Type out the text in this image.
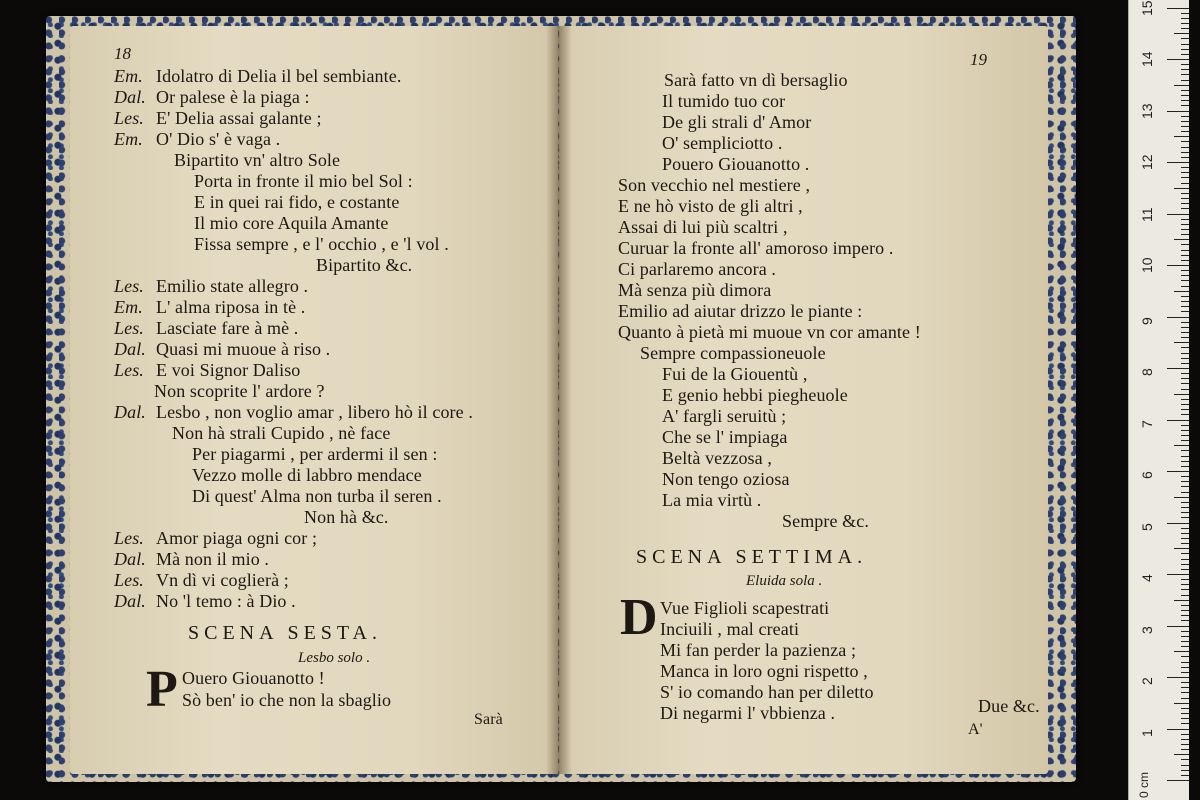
18
Em. Idolatro di Delia il bel sembiante.
Dal. Or palese è la piaga :
Les. E' Delia assai galante ;
Em. O' Dio s' è vaga .
Bipartito vn' altro Sole
Porta in fronte il mio bel Sol :
E in quei rai fido, e costante
Il mio core Aquila Amante
Fissa sempre , e l' occhio , e 'l vol .
Bipartito &c.
Les. Emilio state allegro .
Em. L' alma riposa in tè .
Les. Lasciate fare à mè .
Dal. Quasi mi muoue à riso .
Les. E voi Signor Daliso
Non scoprite l' ardore ?
Dal. Lesbo , non voglio amar , libero hò il core .
Non hà strali Cupido , nè face
Per piagarmi , per ardermi il sen :
Vezzo molle di labbro mendace
Di quest' Alma non turba il seren .
Non hà &c.
Les. Amor piaga ogni cor ;
Dal. Mà non il mio .
Les. Vn dì vi coglierà ;
Dal. No 'l temo : à Dio .
SCENA SESTA.
Lesbo solo .
P Ouero Giouanotto !
Sò ben' io che non la sbaglio
Sarà
19
Sarà fatto vn dì bersaglio
Il tumido tuo cor
De gli strali d' Amor
O' sempliciotto .
Pouero Giouanotto .
Son vecchio nel mestiere ,
E ne hò visto de gli altri ,
Assai di lui più scaltri ,
Curuar la fronte all' amoroso impero .
Ci parlaremo ancora .
Mà senza più dimora
Emilio ad aiutar drizzo le piante :
Quanto à pietà mi muoue vn cor amante !
Sempre compassioneuole
Fui de la Giouentù ,
E genio hebbi pieghеuole
A' fargli seruitù ;
Che se l' impiaga
Beltà vezzosa ,
Non tengo oziosa
La mia virtù .
Sempre &c.
Vue Figlioli scapestrati
Inciuili , mal creati
Mi fan perder la pazienza ;
Manca in loro ogni rispetto ,
S' io comando han per diletto
Di negarmi l' vbbienza .
SCENA SETTIMA.
Eluida sola .
D
Due &c.
A'
0 cm
1
2
3
4
5
6
7
8
9
10
11
12
13
14
15
